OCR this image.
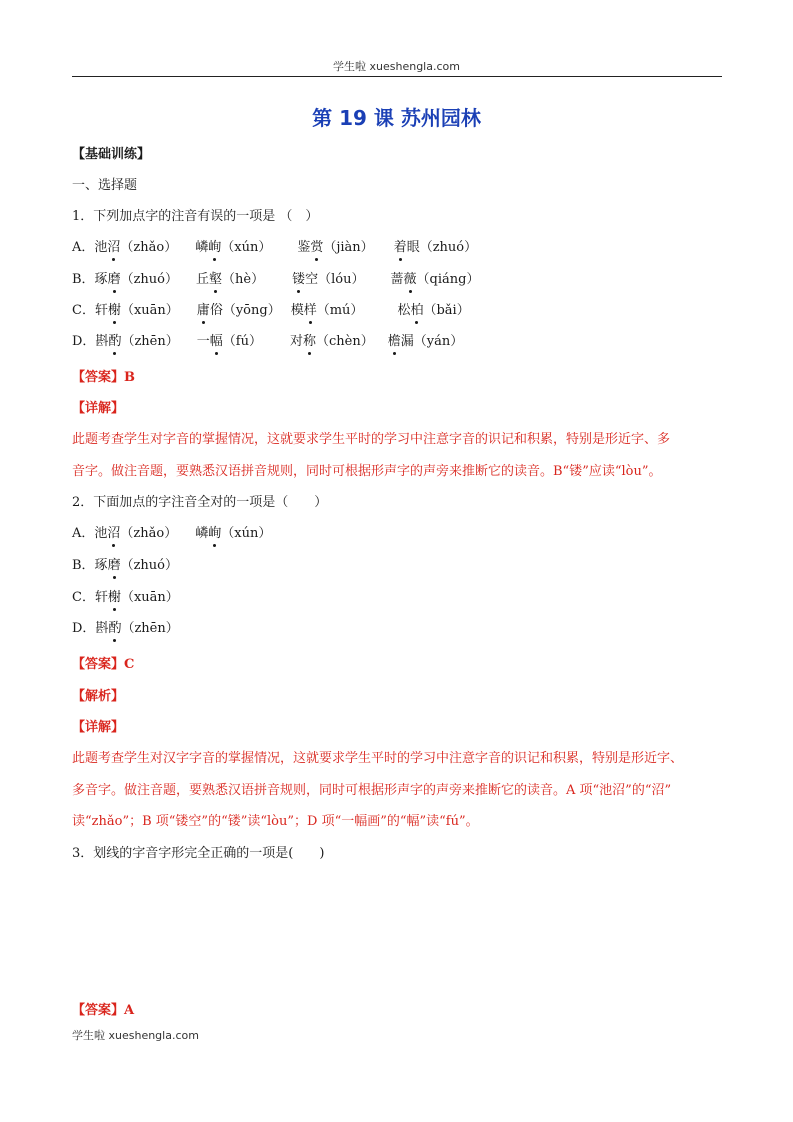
学生啦 xueshengla.com
第 19 课 苏州园林
【基础训练】
一、选择题
1．下列加点字的注音有误的一项是 （　）
A．池沼（zhǎo） 嶙峋（xún） 鉴赏（jiàn） 着眼（zhuó）
B．琢磨（zhuó） 丘壑（hè） 镂空（lóu） 蔷薇（qiáng）
C．轩榭（xuān） 庸俗（yōng） 模样（mú）	松柏（bǎi）
D．斟酌（zhēn） 一幅（fú） 对称（chèn） 檐漏（yán）
【答案】B
【详解】
此题考查学生对字音的掌握情况，这就要求学生平时的学习中注意字音的识记和积累，特别是形近字、多
音字。做注音题，要熟悉汉语拼音规则，同时可根据形声字的声旁来推断它的读音。B“镂”应读“lòu”。
2．下面加点的字注音全对的一项是（　　）
A．池沼（zhǎo） 嶙峋（xún）
B．琢磨（zhuó）
C．轩榭（xuān）
D．斟酌（zhēn）
【答案】C
【解析】
【详解】
此题考查学生对汉字字音的掌握情况，这就要求学生平时的学习中注意字音的识记和积累，特别是形近字、
多音字。做注音题，要熟悉汉语拼音规则，同时可根据形声字的声旁来推断它的读音。A 项“池沼”的“沼”
读“zhǎo”；B 项“镂空”的“镂”读“lòu”；D 项“一幅画”的“幅”读“fú”。
3．划线的字音字形完全正确的一项是(　　)
【答案】A
学生啦 xueshengla.com
